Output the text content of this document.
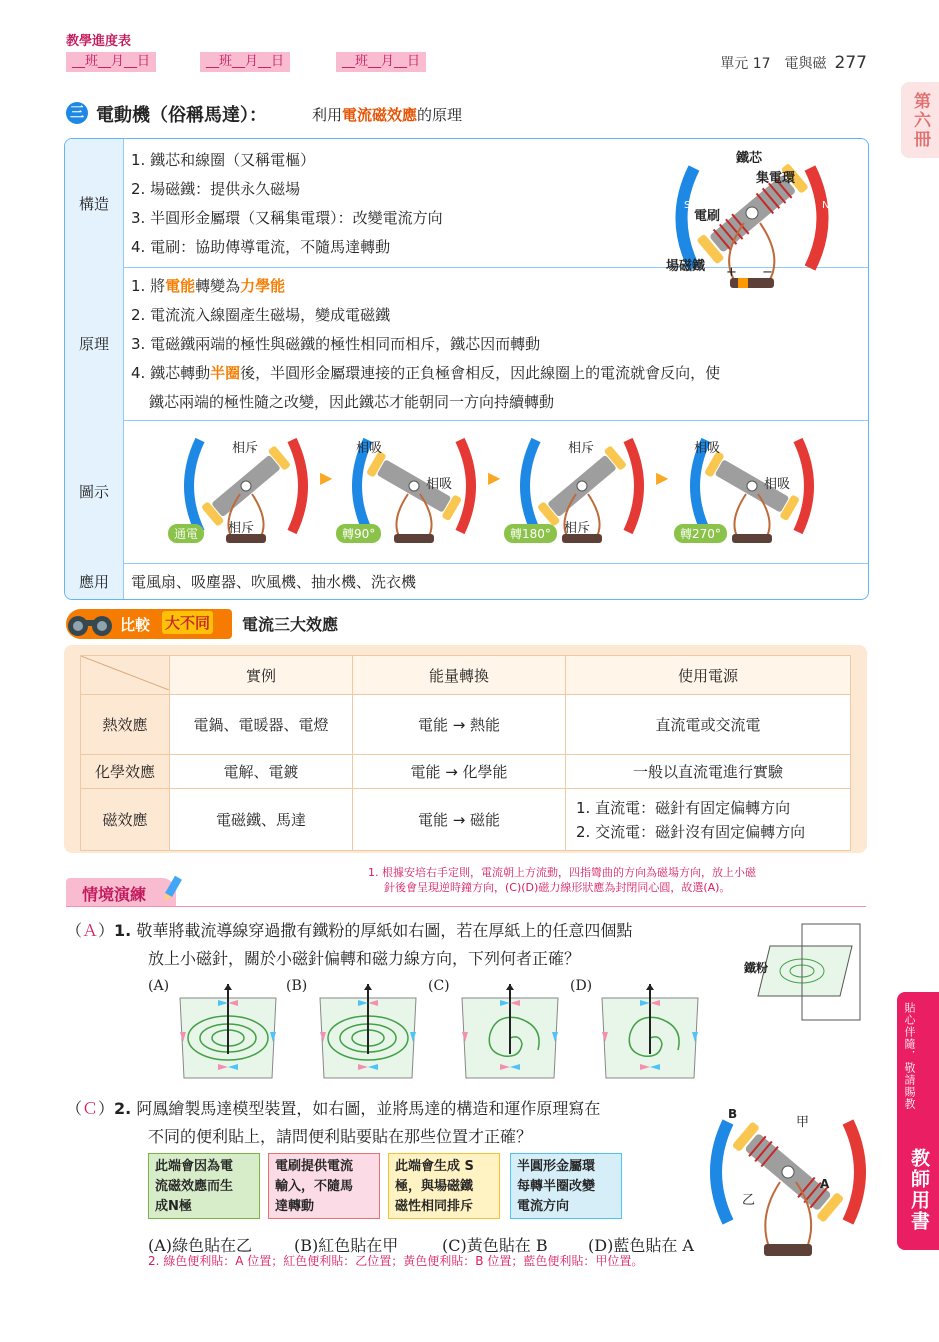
教學進度表
__班__月__日	__班__月__日	__班__月__日	單元 17　電與磁 277
第六冊
貼心伴隨．敬請賜教
教師用書
三 電動機（俗稱馬達）：	利用電流磁效應的原理
構造
1. 鐵芯和線圈（又稱電樞）
2. 場磁鐵：提供永久磁場
3. 半圓形金屬環（又稱集電環）：改變電流方向
4. 電刷：協助傳導電流，不隨馬達轉動
原理
1. 將電能轉變為力學能
2. 電流流入線圈產生磁場，變成電磁鐵
3. 電磁鐵兩端的極性與磁鐵的極性相同而相斥，鐵芯因而轉動
4. 鐵芯轉動半圈後，半圓形金屬環連接的正負極會相反，因此線圈上的電流就會反向，使
鐵芯兩端的極性隨之改變，因此鐵芯才能朝同一方向持續轉動
圖示
應用	電風扇、吸塵器、吹風機、抽水機、洗衣機
S	N
鐵芯
集電環
電刷
場磁鐵 + −
相斥
相斥
通電
▶
相吸
相吸
轉90°
▶
相斥
相斥
轉180°
▶
相吸
相吸
轉270°
比較 大不同 電流三大效應
	實例	能量轉換	使用電源
熱效應	電鍋、電暖器、電燈	電能 → 熱能	直流電或交流電
化學效應	電解、電鍍	電能 → 化學能	一般以直流電進行實驗
磁效應	電磁鐵、馬達	電能 → 磁能	1. 直流電：磁針有固定偏轉方向
2. 交流電：磁針沒有固定偏轉方向
情境演練
1. 根據安培右手定則，電流朝上方流動，四指彎曲的方向為磁場方向，放上小磁
針後會呈現逆時鐘方向，(C)(D)磁力線形狀應為封閉同心圓，故選(A)。
（Ａ）1. 敬華將載流導線穿過撒有鐵粉的厚紙如右圖，若在厚紙上的任意四個點
放上小磁針，關於小磁針偏轉和磁力線方向，下列何者正確？	鐵粉
(A)	(B)	(C)	(D)
（Ｃ）2. 阿鳳繪製馬達模型裝置，如右圖，並將馬達的構造和運作原理寫在
不同的便利貼上，請問便利貼要貼在那些位置才正確？
此端會因為電
流磁效應而生
成N極
電刷提供電流
輸入，不隨馬
達轉動
此端會生成 S
極，與場磁鐵
磁性相同排斥
半圓形金屬環
每轉半圈改變
電流方向
(A)綠色貼在乙	(B)紅色貼在甲	(C)黃色貼在 B	(D)藍色貼在 A
2. 綠色便利貼：A 位置；紅色便利貼：乙位置；黃色便利貼：B 位置；藍色便利貼：甲位置。
B
A
甲
乙
